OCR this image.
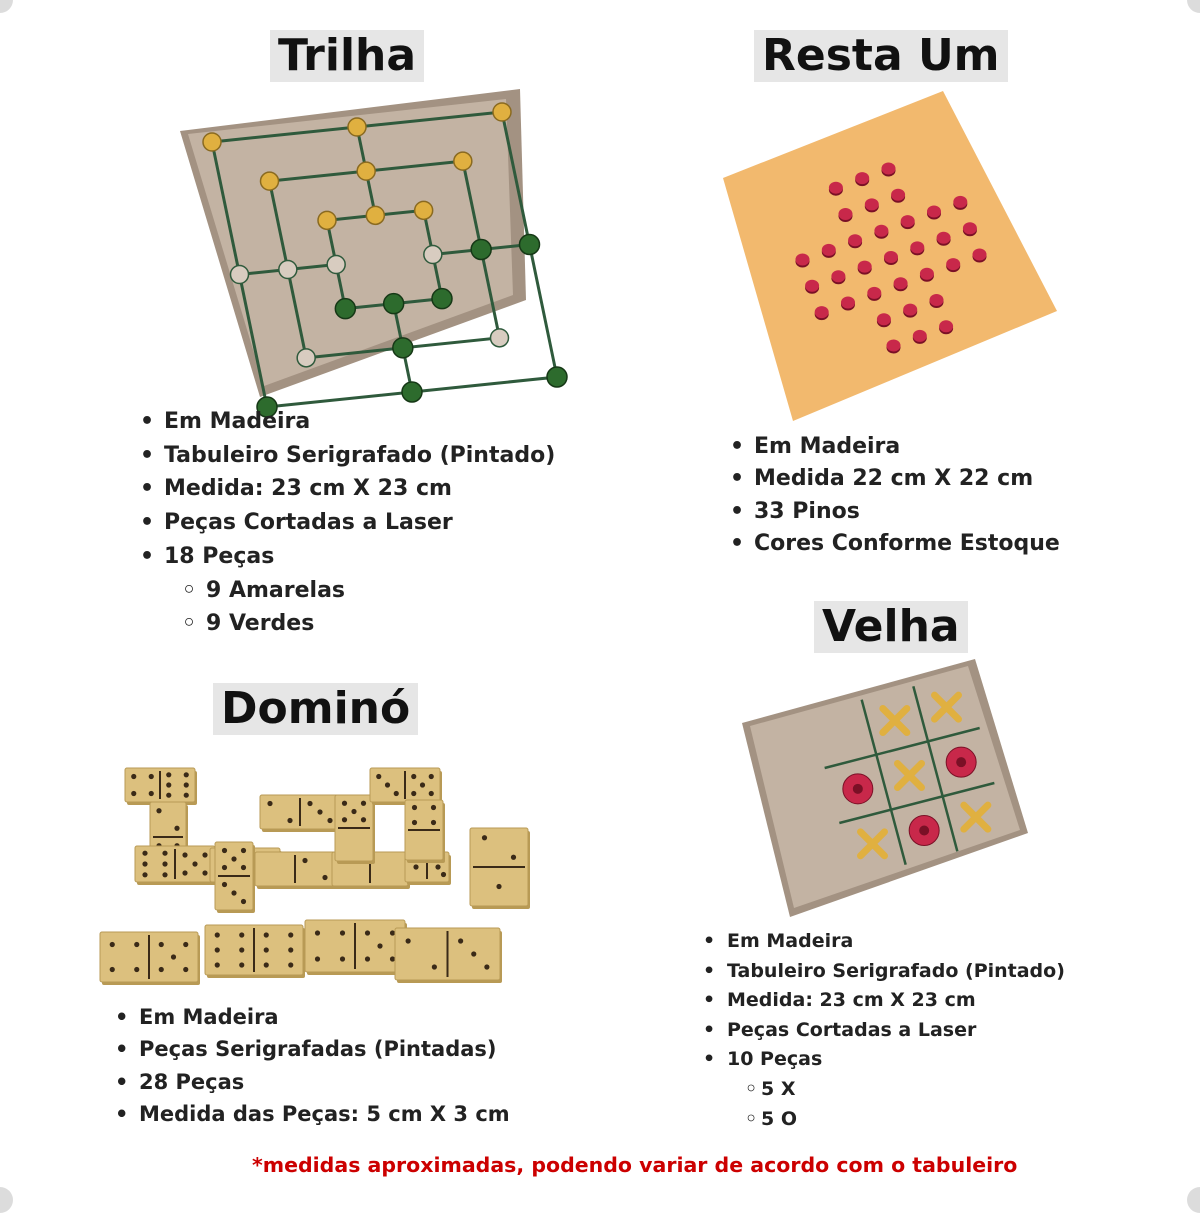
Trilha
• Em Madeira
• Tabuleiro Serigrafado (Pintado)
• Medida: 23 cm X 23 cm
• Peças Cortadas a Laser
• 18 Peças
◦ 9 Amarelas
◦ 9 Verdes
Resta Um
• Em Madeira
• Medida 22 cm X 22 cm
• 33 Pinos
• Cores Conforme Estoque
Velha
• Em Madeira
• Tabuleiro Serigrafado (Pintado)
• Medida: 23 cm X 23 cm
• Peças Cortadas a Laser
• 10 Peças
◦ 5 X
◦ 5 O
Dominó
• Em Madeira
• Peças Serigrafadas (Pintadas)
• 28 Peças
• Medida das Peças: 5 cm X 3 cm
*medidas aproximadas, podendo variar de acordo com o tabuleiro
